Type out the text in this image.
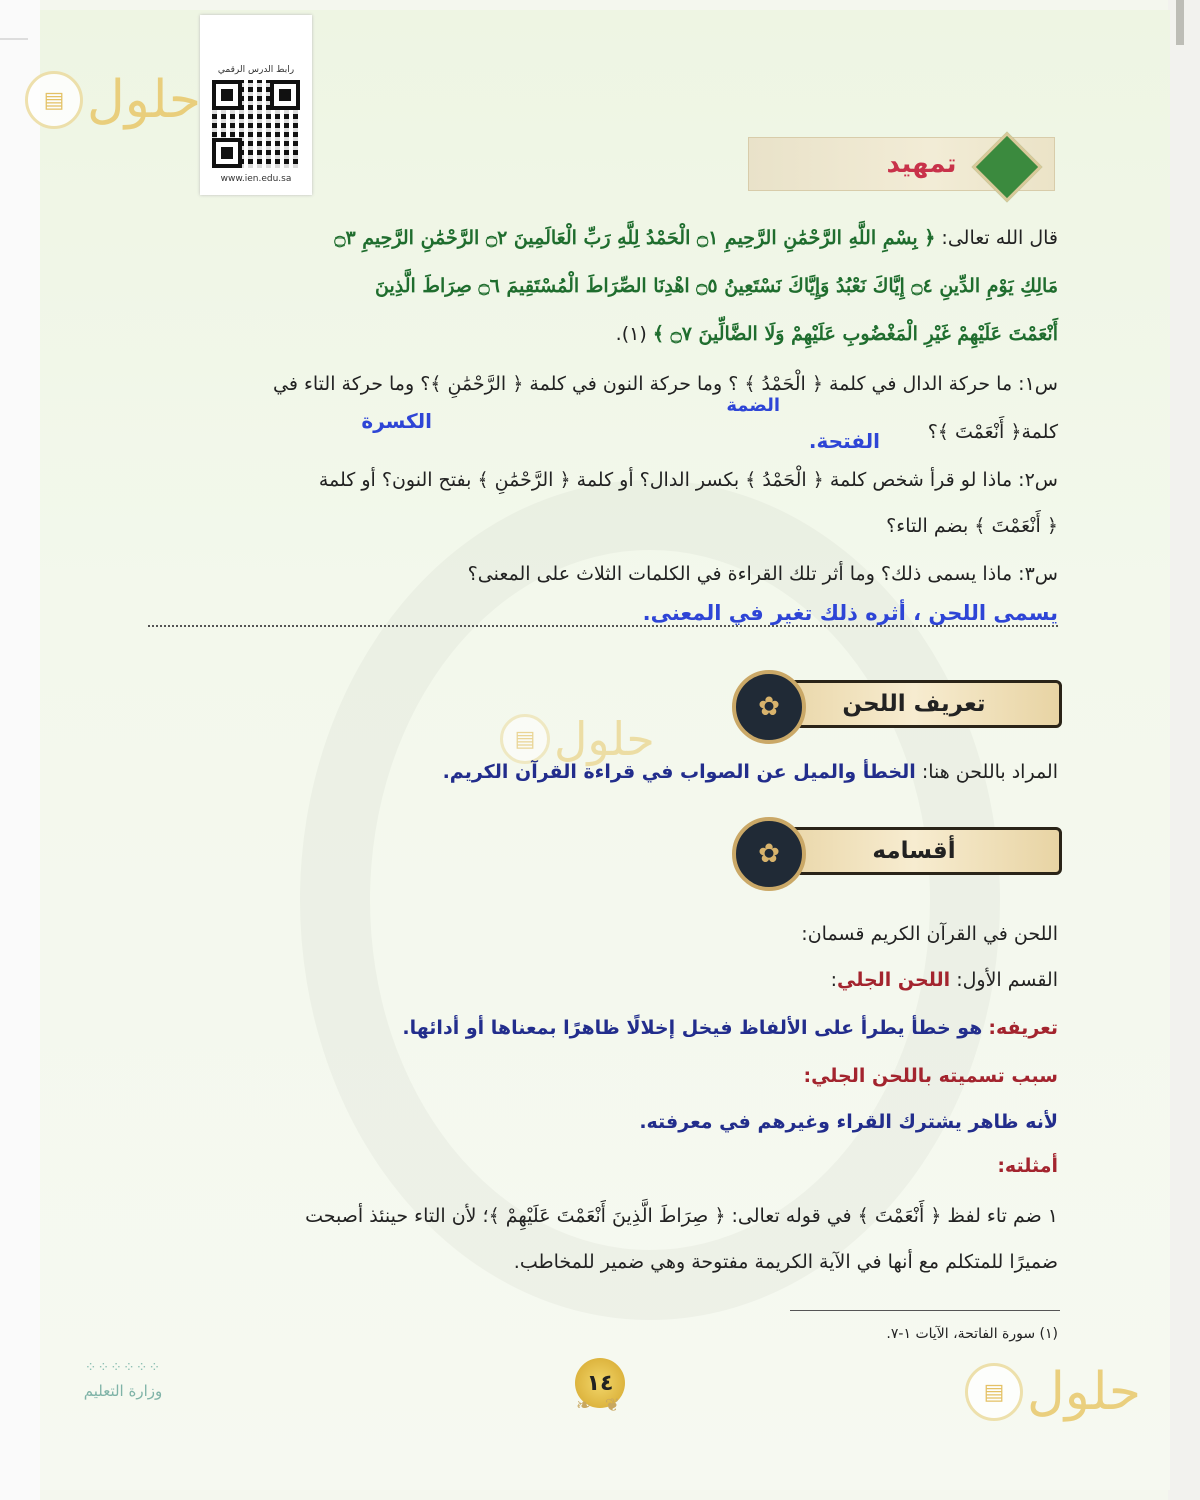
رابط الدرس الرقمي
www.ien.edu.sa
حلول
▤
حلول
▤
حلول
▤
تمهيد
قال الله تعالى: ﴿ بِسْمِ اللَّهِ الرَّحْمَٰنِ الرَّحِيمِ ۝١ الْحَمْدُ لِلَّهِ رَبِّ الْعَالَمِينَ ۝٢ الرَّحْمَٰنِ الرَّحِيمِ ۝٣
مَالِكِ يَوْمِ الدِّينِ ۝٤ إِيَّاكَ نَعْبُدُ وَإِيَّاكَ نَسْتَعِينُ ۝٥ اهْدِنَا الصِّرَاطَ الْمُسْتَقِيمَ ۝٦ صِرَاطَ الَّذِينَ
أَنْعَمْتَ عَلَيْهِمْ غَيْرِ الْمَغْضُوبِ عَلَيْهِمْ وَلَا الضَّالِّينَ ۝٧ ﴾ (١).
س١: ما حركة الدال في كلمة ﴿ الْحَمْدُ ﴾ ؟ وما حركة النون في كلمة ﴿ الرَّحْمَٰنِ ﴾؟ وما حركة التاء في
الضمة
الكسرة	كلمة﴿ أَنْعَمْتَ ﴾؟
الفتحة.
س٢: ماذا لو قرأ شخص كلمة ﴿ الْحَمْدُ ﴾ بكسر الدال؟ أو كلمة ﴿ الرَّحْمَٰنِ ﴾ بفتح النون؟ أو كلمة
﴿ أَنْعَمْتَ ﴾ بضم التاء؟
س٣: ماذا يسمى ذلك؟ وما أثر تلك القراءة في الكلمات الثلاث على المعنى؟
يسمى اللحن ، أثره ذلك تغير في المعنى.
تعريف اللحن
✿
المراد باللحن هنا: الخطأ والميل عن الصواب في قراءة القرآن الكريم.
أقسامه
✿
اللحن في القرآن الكريم قسمان:
القسم الأول: اللحن الجلي:
تعريفه: هو خطأ يطرأ على الألفاظ فيخل إخلالًا ظاهرًا بمعناها أو أدائها.
سبب تسميته باللحن الجلي:
لأنه ظاهر يشترك القراء وغيرهم في معرفته.
أمثلته:
١ ضم تاء لفظ ﴿ أَنْعَمْتَ ﴾ في قوله تعالى: ﴿ صِرَاطَ الَّذِينَ أَنْعَمْتَ عَلَيْهِمْ ﴾؛ لأن التاء حينئذ أصبحت
ضميرًا للمتكلم مع أنها في الآية الكريمة مفتوحة وهي ضمير للمخاطب.
(١) سورة الفاتحة، الآيات ١-٧.
١٤
❦ ❧
⁘⁘⁘⁘⁘⁘
وزارة التعليم
